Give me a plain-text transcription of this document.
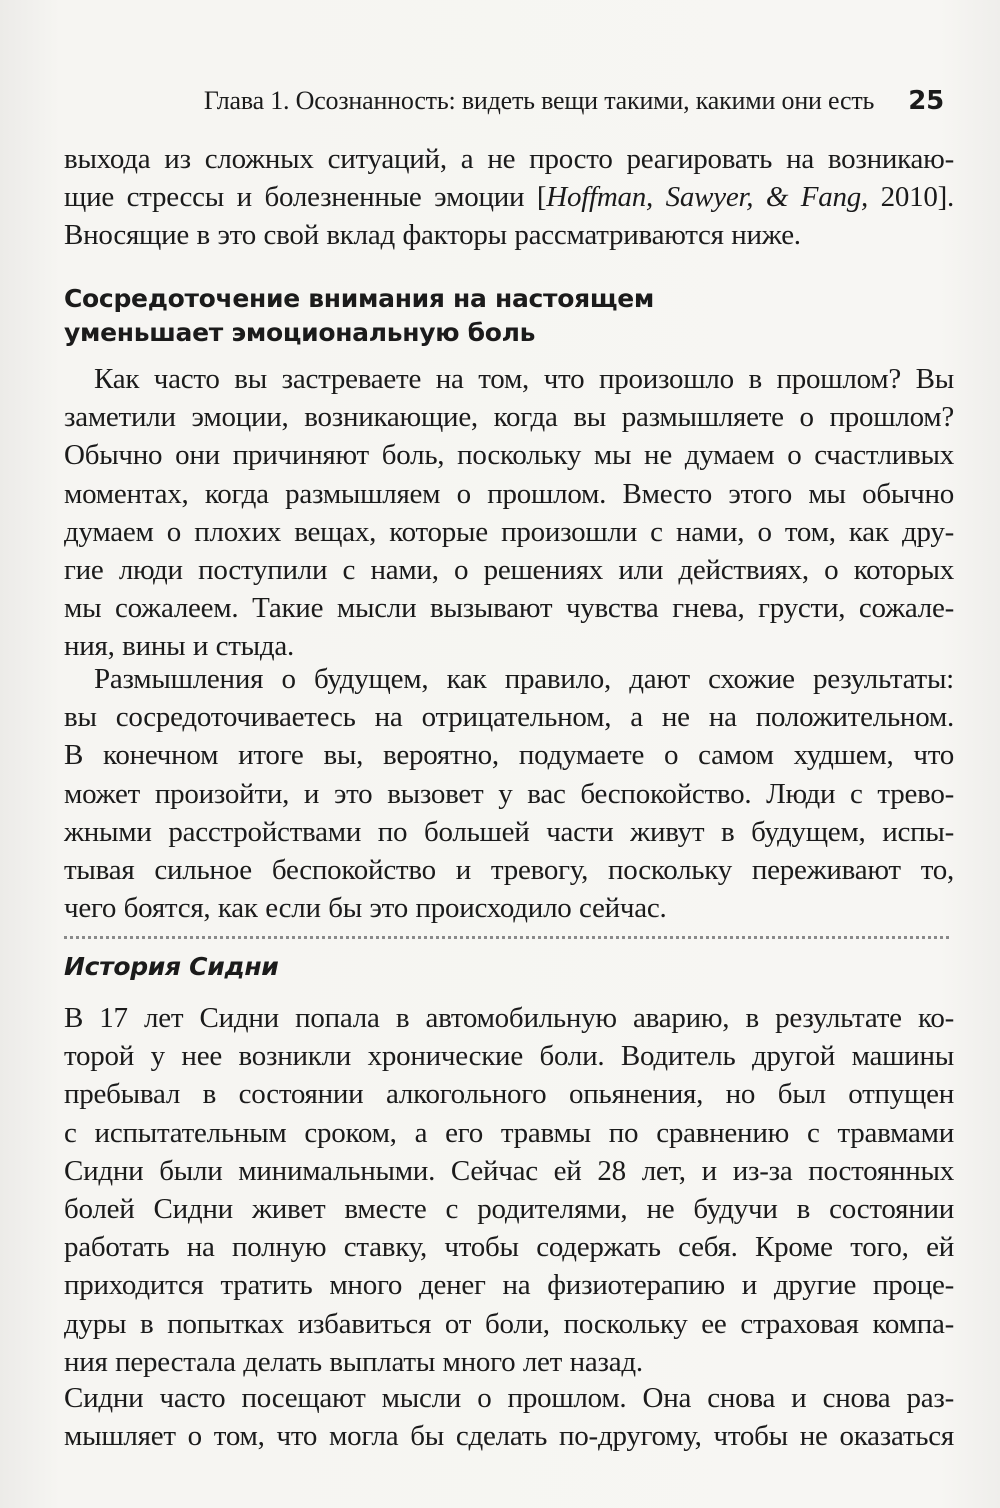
Глава 1. Осознанность: видеть вещи такими, какими они есть 25
выхода из сложных ситуаций, а не просто реагировать на возникаю-
щие стрессы и болезненные эмоции [Hoffman, Sawyer, & Fang, 2010].
Вносящие в это свой вклад факторы рассматриваются ниже.
Сосредоточение внимания на настоящем
уменьшает эмоциональную боль
Как часто вы застреваете на том, что произошло в прошлом? Вы
заметили эмоции, возникающие, когда вы размышляете о прошлом?
Обычно они причиняют боль, поскольку мы не думаем о счастливых
моментах, когда размышляем о прошлом. Вместо этого мы обычно
думаем о плохих вещах, которые произошли с нами, о том, как дру-
гие люди поступили с нами, о решениях или действиях, о которых
мы сожалеем. Такие мысли вызывают чувства гнева, грусти, сожале-
ния, вины и стыда.
Размышления о будущем, как правило, дают схожие результаты:
вы сосредоточиваетесь на отрицательном, а не на положительном.
В конечном итоге вы, вероятно, подумаете о самом худшем, что
может произойти, и это вызовет у вас беспокойство. Люди с трево-
жными расстройствами по большей части живут в будущем, испы-
тывая сильное беспокойство и тревогу, поскольку переживают то,
чего боятся, как если бы это происходило сейчас.
История Сидни
В 17 лет Сидни попала в автомобильную аварию, в результате ко-
торой у нее возникли хронические боли. Водитель другой машины
пребывал в состоянии алкогольного опьянения, но был отпущен
с испытательным сроком, а его травмы по сравнению с травмами
Сидни были минимальными. Сейчас ей 28 лет, и из-за постоянных
болей Сидни живет вместе с родителями, не будучи в состоянии
работать на полную ставку, чтобы содержать себя. Кроме того, ей
приходится тратить много денег на физиотерапию и другие проце-
дуры в попытках избавиться от боли, поскольку ее страховая компа-
ния перестала делать выплаты много лет назад.
Сидни часто посещают мысли о прошлом. Она снова и снова раз-
мышляет о том, что могла бы сделать по-другому, чтобы не оказаться
